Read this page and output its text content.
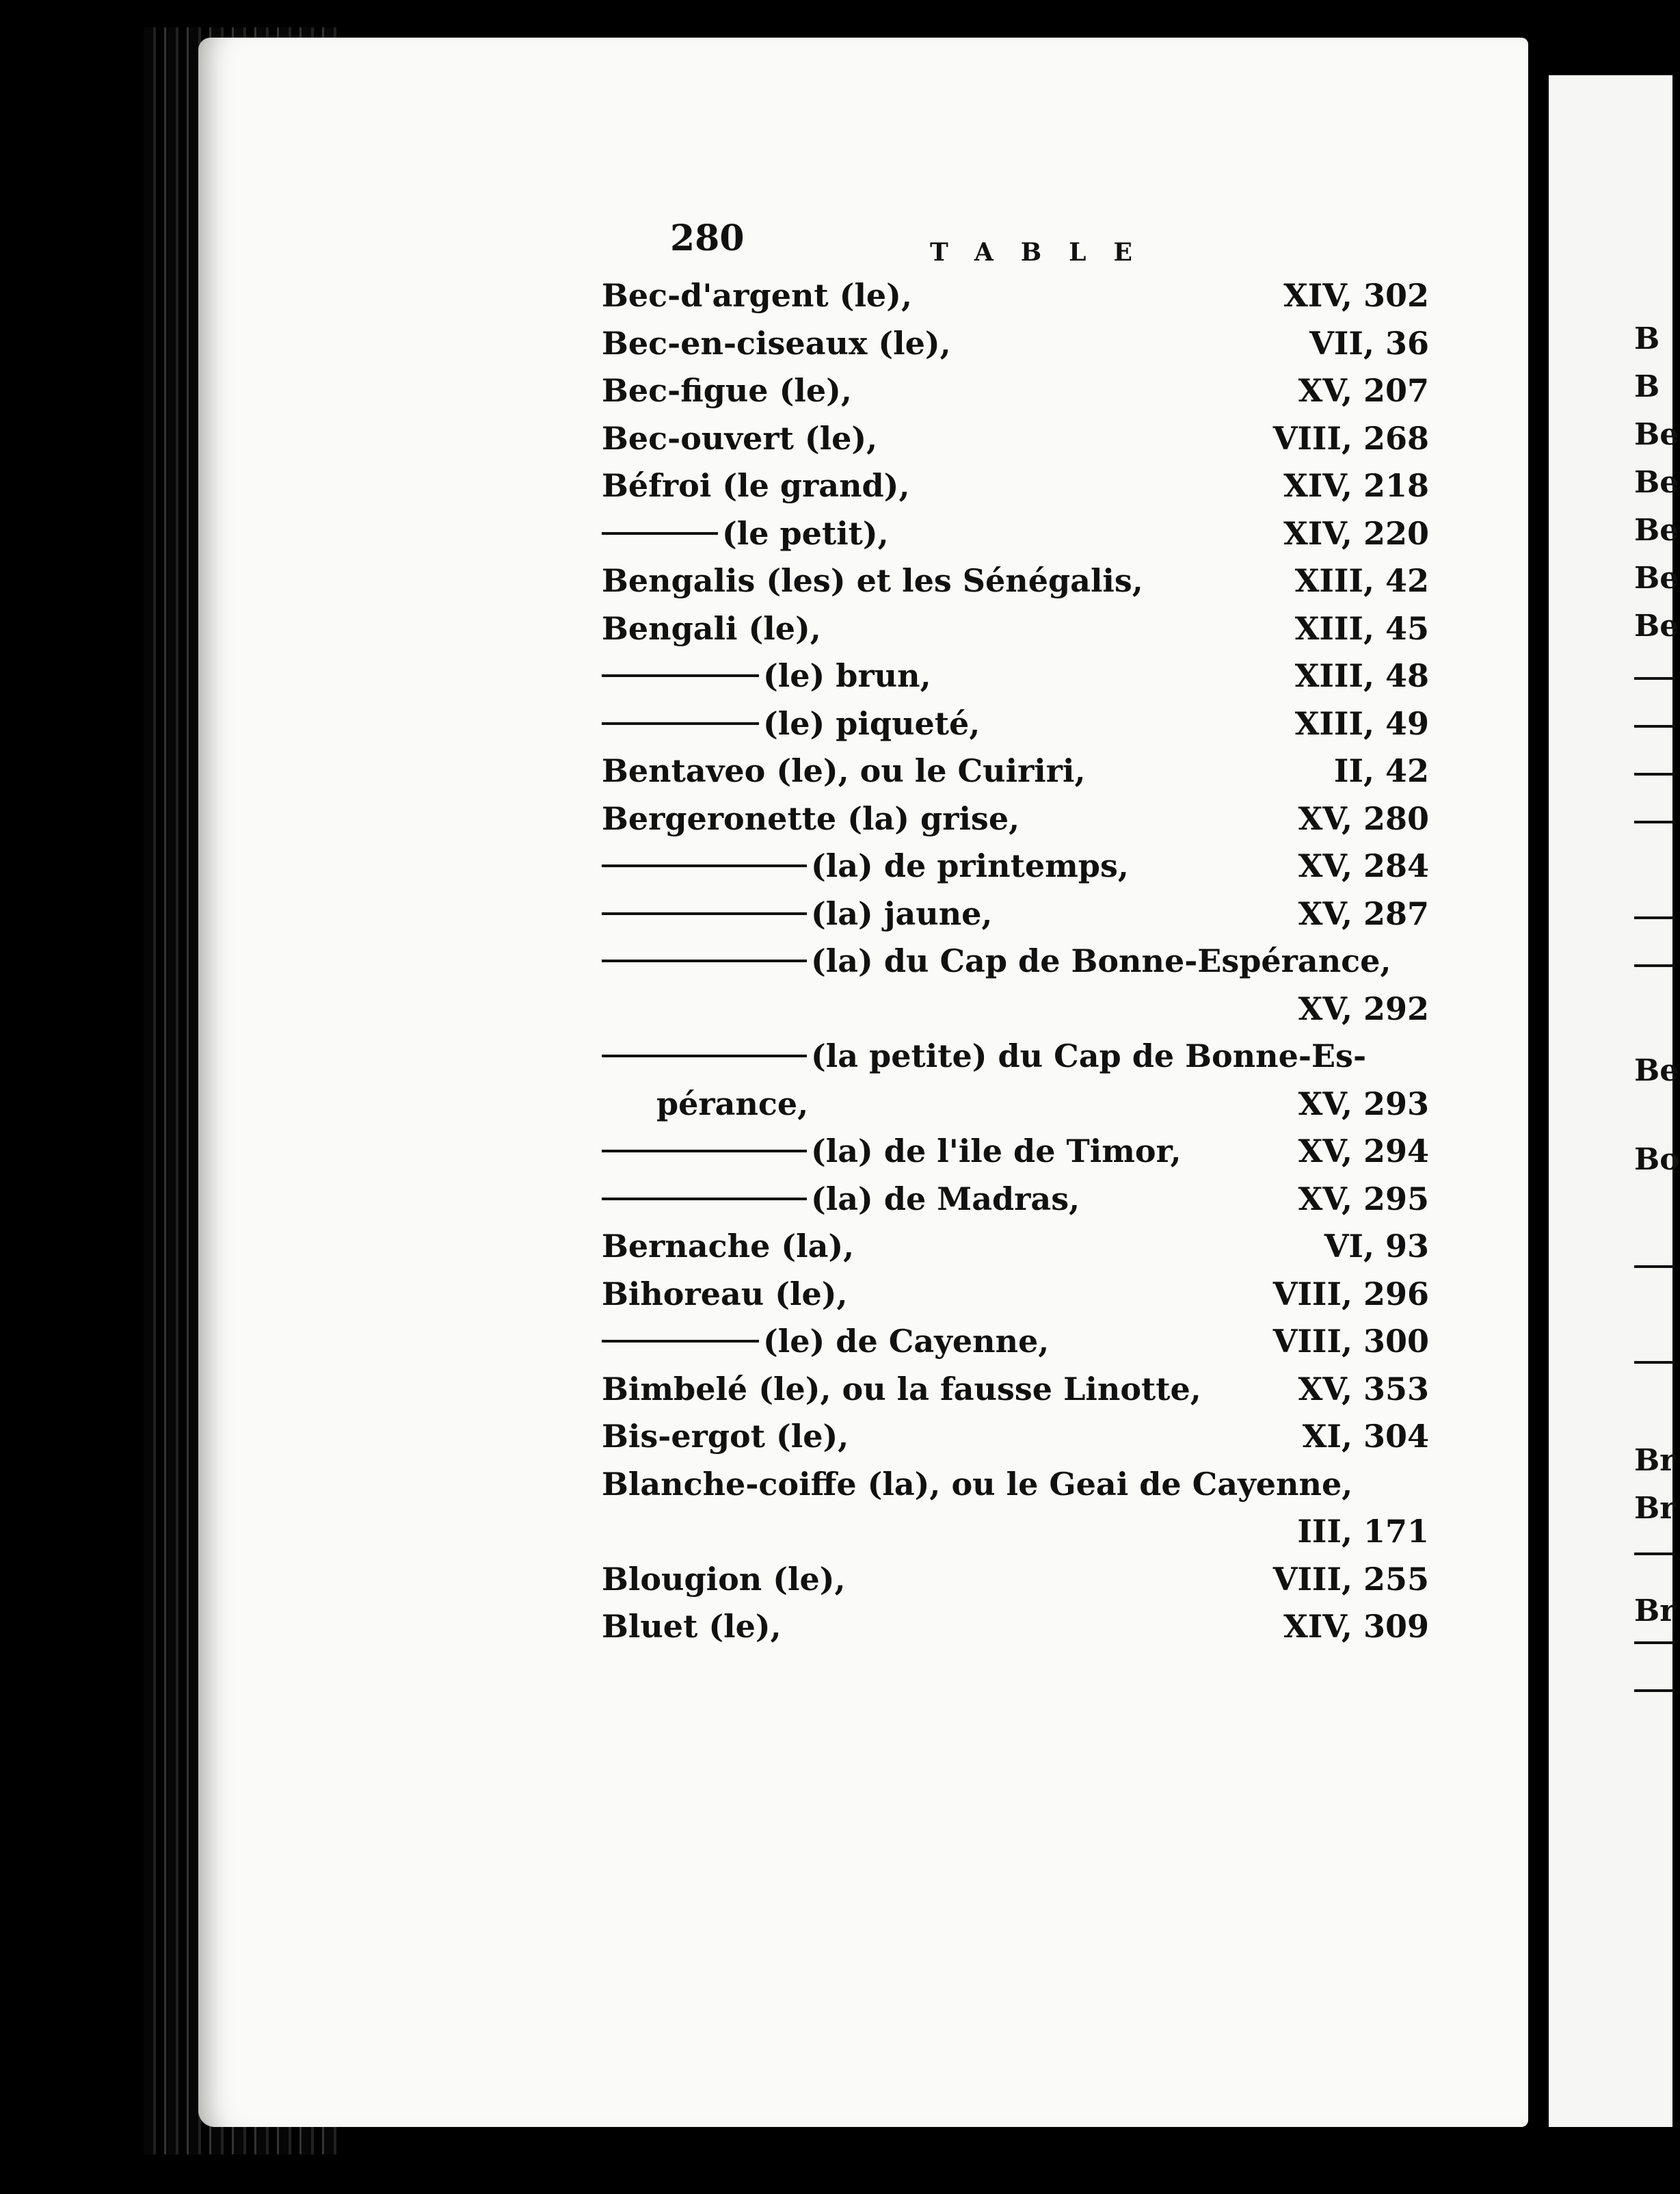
280	TABLE
Bec-d'argent (le),	XIV, 302
Bec-en-ciseaux (le),	VII, 36
Bec-figue (le),	XV, 207
Bec-ouvert (le),	VIII, 268
Béfroi (le grand),	XIV, 218
(le petit),	XIV, 220
Bengalis (les) et les Sénégalis,	XIII, 42
Bengali (le),	XIII, 45
(le) brun,	XIII, 48
(le) piqueté,	XIII, 49
Bentaveo (le), ou le Cuiriri,	II, 42
Bergeronette (la) grise,	XV, 280
(la) de printemps,	XV, 284
(la) jaune,	XV, 287
(la) du Cap de Bonne-Espérance,
XV, 292
(la petite) du Cap de Bonne-Es-
pérance,	XV, 293
(la) de l'ile de Timor,	XV, 294
(la) de Madras,	XV, 295
Bernache (la),	VI, 93
Bihoreau (le),	VIII, 296
(le) de Cayenne,	VIII, 300
Bimbelé (le), ou la fausse Linotte,	XV, 353
Bis-ergot (le),	XI, 304
Blanche-coiffe (la), ou le Geai de Cayenne,
III, 171
Blougion (le),	VIII, 255
Bluet (le),	XIV, 309
B
B
Be
Be
Be
Be
Be
Be
Bo
Br
Br
Br
